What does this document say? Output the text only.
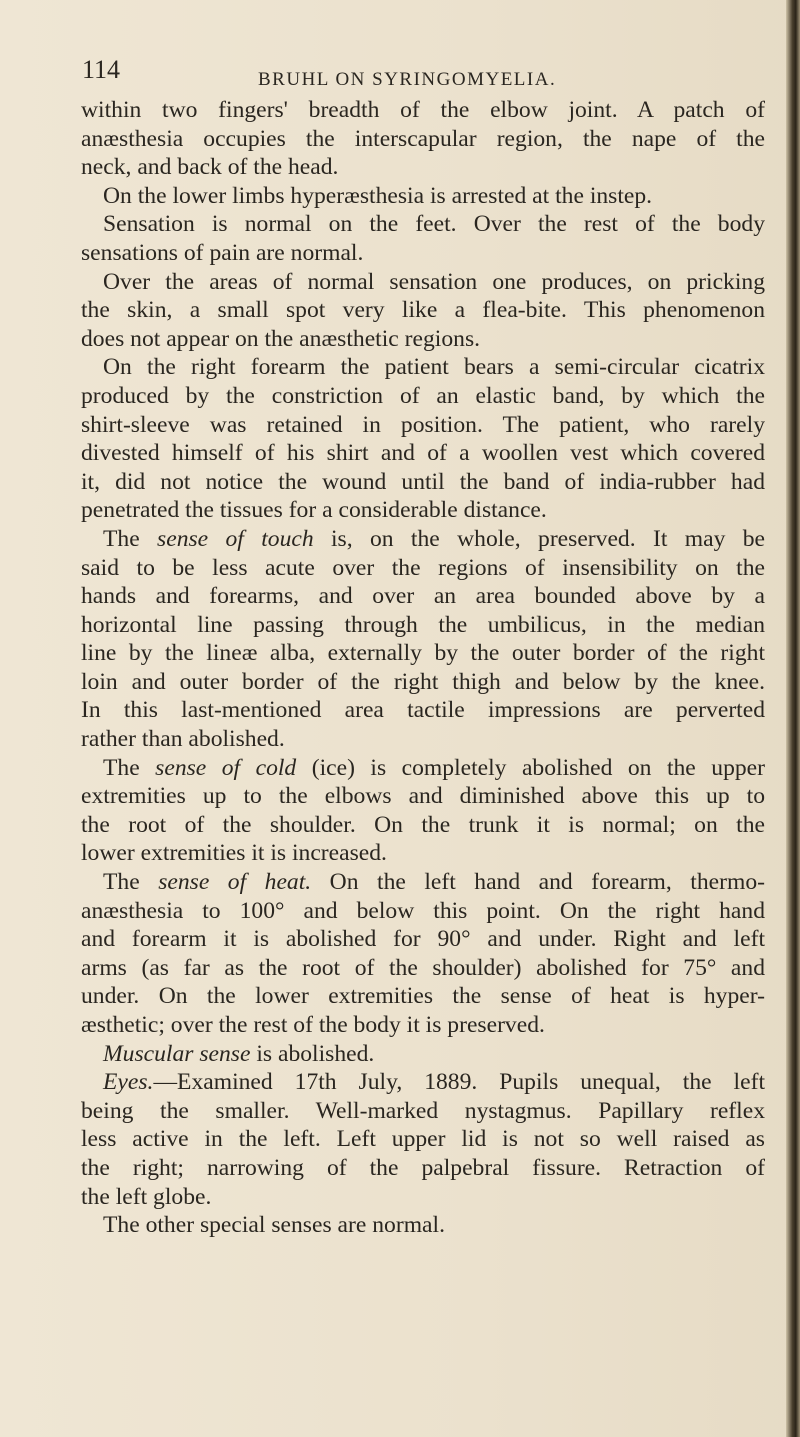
114	BRUHL ON SYRINGOMYELIA.
within two fingers' breadth of the elbow joint. A patch of
anæsthesia occupies the interscapular region, the nape of the
neck, and back of the head.
On the lower limbs hyperæsthesia is arrested at the instep.
Sensation is normal on the feet. Over the rest of the body
sensations of pain are normal.
Over the areas of normal sensation one produces, on pricking
the skin, a small spot very like a flea-bite. This phenomenon
does not appear on the anæsthetic regions.
On the right forearm the patient bears a semi-circular cicatrix
produced by the constriction of an elastic band, by which the
shirt-sleeve was retained in position. The patient, who rarely
divested himself of his shirt and of a woollen vest which covered
it, did not notice the wound until the band of india-rubber had
penetrated the tissues for a considerable distance.
The sense of touch is, on the whole, preserved. It may be
said to be less acute over the regions of insensibility on the
hands and forearms, and over an area bounded above by a
horizontal line passing through the umbilicus, in the median
line by the lineæ alba, externally by the outer border of the right
loin and outer border of the right thigh and below by the knee.
In this last-mentioned area tactile impressions are perverted
rather than abolished.
The sense of cold (ice) is completely abolished on the upper
extremities up to the elbows and diminished above this up to
the root of the shoulder. On the trunk it is normal; on the
lower extremities it is increased.
The sense of heat. On the left hand and forearm, thermo-
anæsthesia to 100° and below this point. On the right hand
and forearm it is abolished for 90° and under. Right and left
arms (as far as the root of the shoulder) abolished for 75° and
under. On the lower extremities the sense of heat is hyper-
æsthetic; over the rest of the body it is preserved.
Muscular sense is abolished.
Eyes.—Examined 17th July, 1889. Pupils unequal, the left
being the smaller. Well-marked nystagmus. Papillary reflex
less active in the left. Left upper lid is not so well raised as
the right; narrowing of the palpebral fissure. Retraction of
the left globe.
The other special senses are normal.
